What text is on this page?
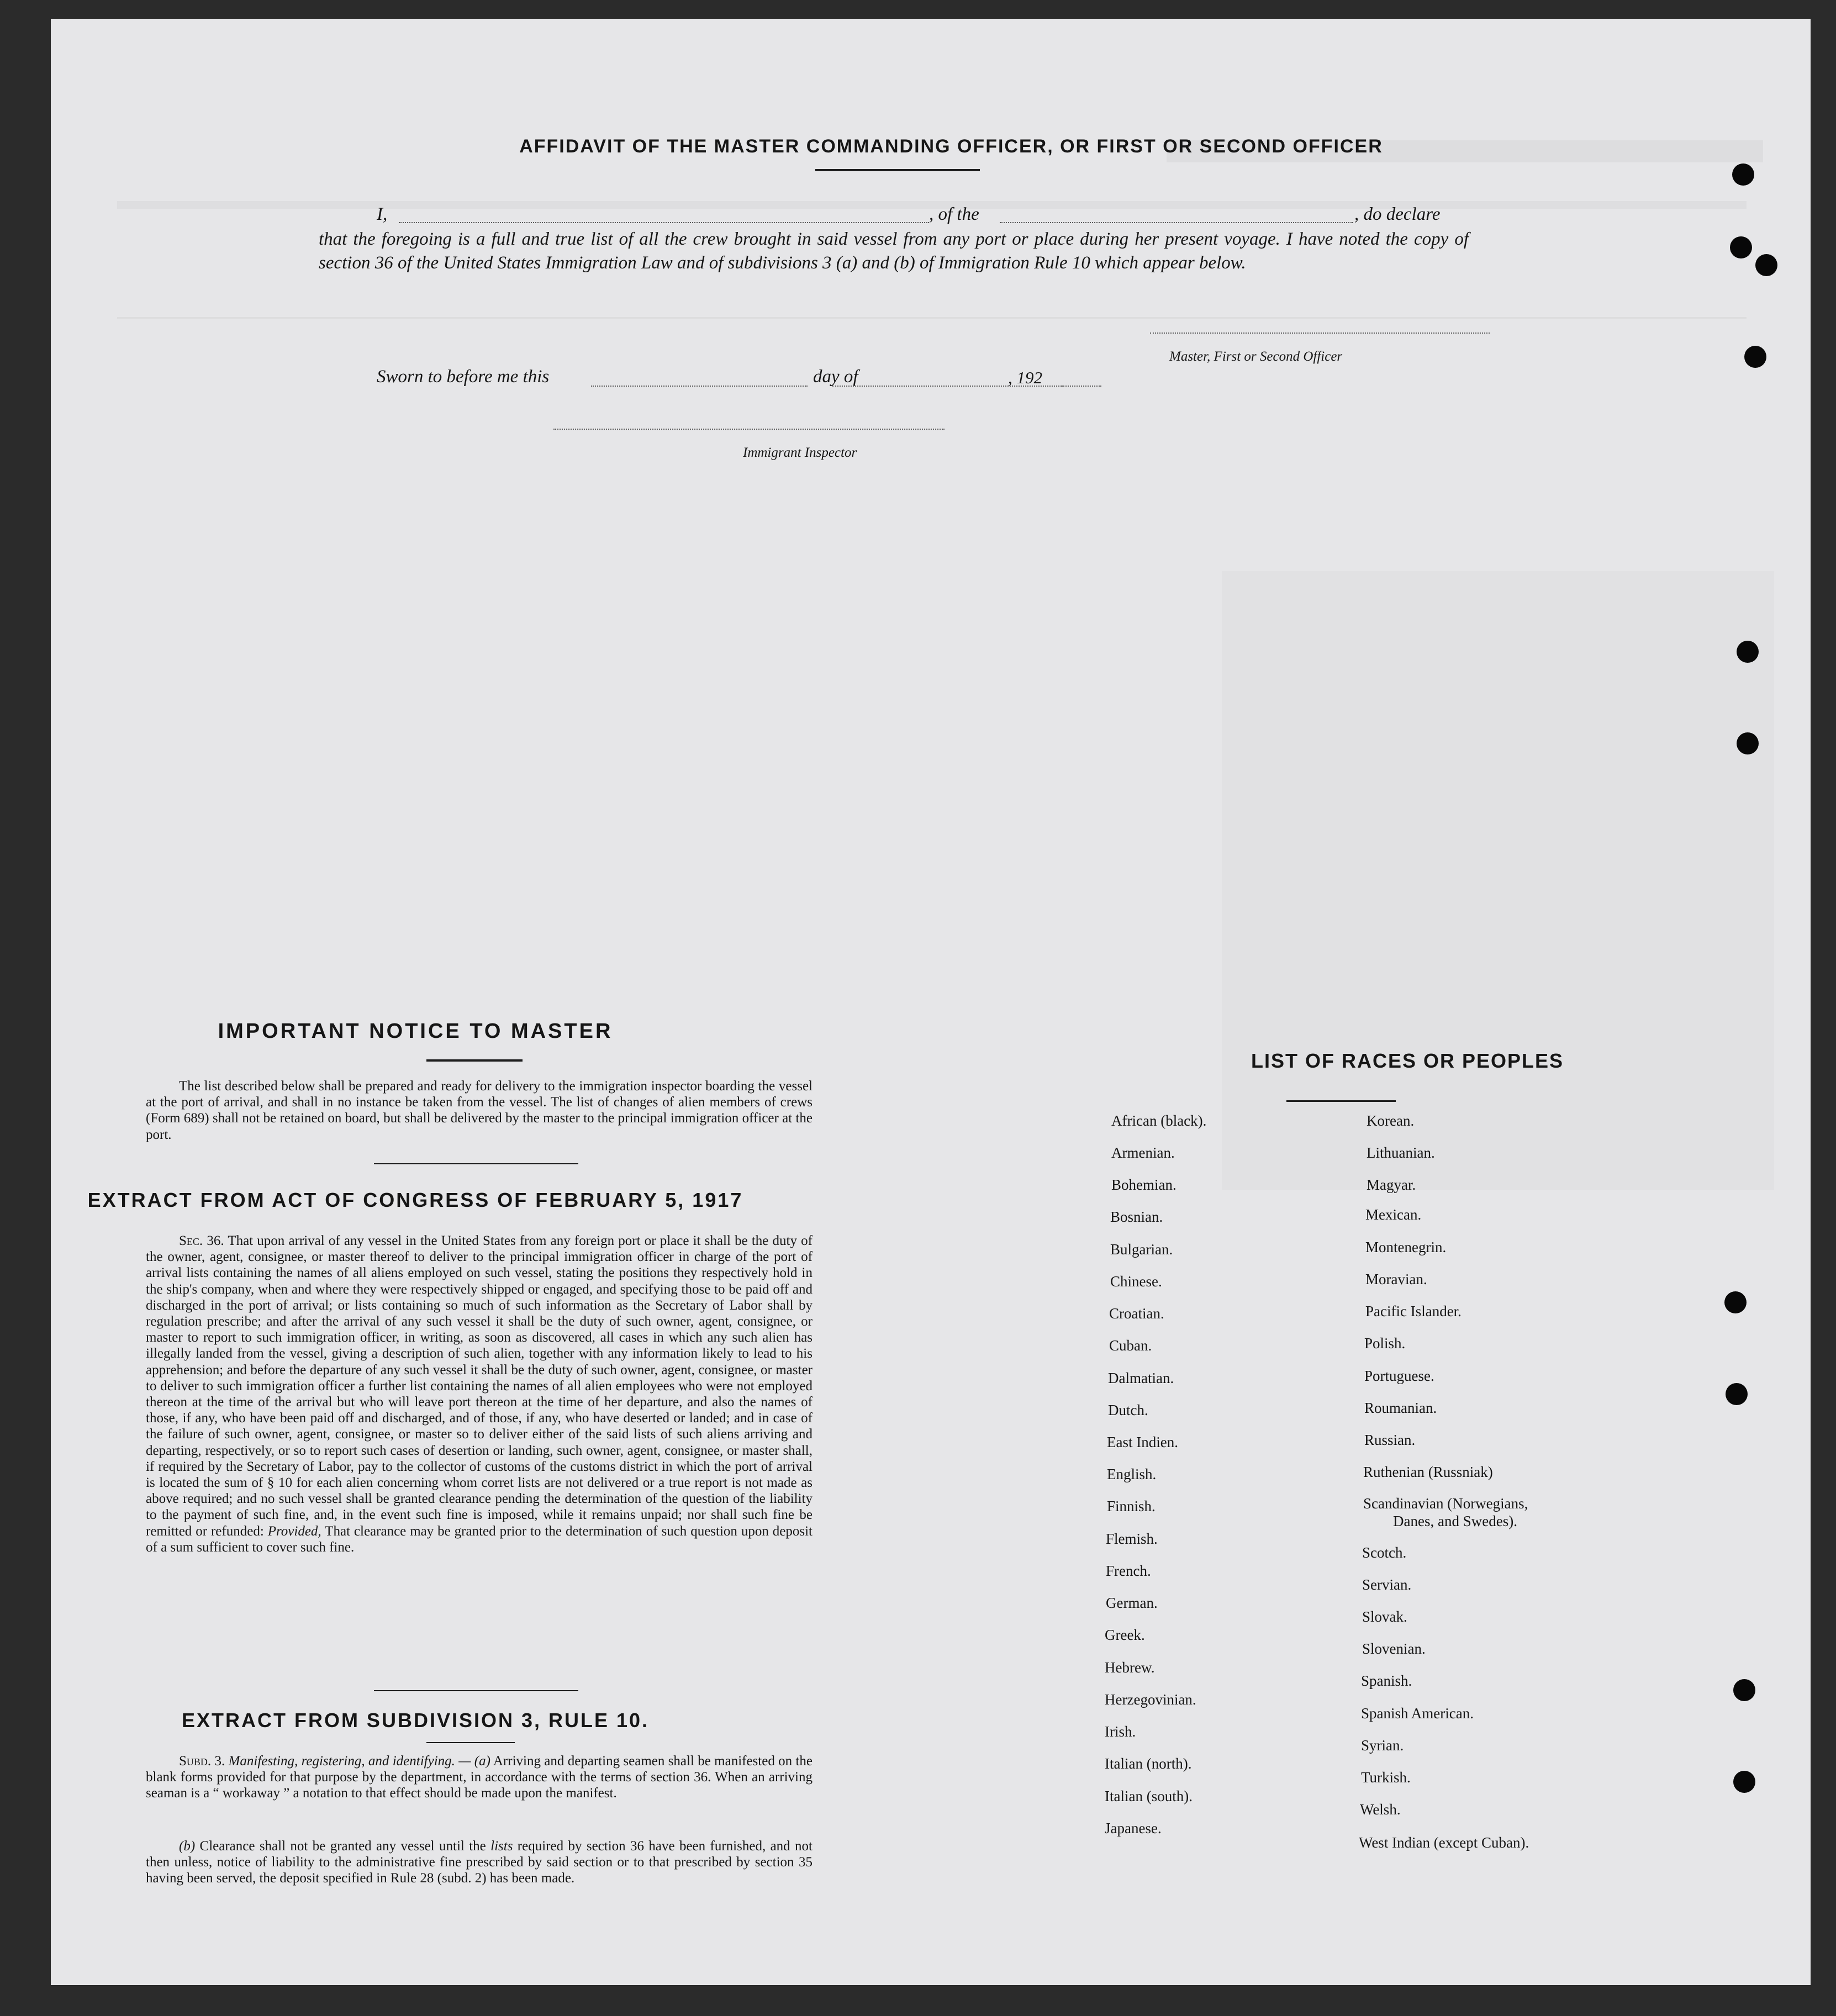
AFFIDAVIT OF THE MASTER COMMANDING OFFICER, OR FIRST OR SECOND OFFICER
I,	, of the	, do declare
that the foregoing is a full and true list of all the crew brought in said vessel from any port or place during her present voyage. I have noted the copy of section 36 of the United States Immigration Law and of subdivisions 3 (a) and (b) of Immigration Rule 10 which appear below.
Master, First or Second Officer
Sworn to before me this	day of	, 192
Immigrant Inspector
IMPORTANT NOTICE TO MASTER
The list described below shall be prepared and ready for delivery to the immigration inspector boarding the vessel at the port of arrival, and shall in no instance be taken from the vessel. The list of changes of alien members of crews (Form 689) shall not be retained on board, but shall be delivered by the master to the principal immigration officer at the port.
EXTRACT FROM ACT OF CONGRESS OF FEBRUARY 5, 1917
Sec. 36. That upon arrival of any vessel in the United States from any foreign port or place it shall be the duty of the owner, agent, consignee, or master thereof to deliver to the principal immigration officer in charge of the port of arrival lists containing the names of all aliens employed on such vessel, stating the positions they respectively hold in the ship's company, when and where they were respectively shipped or engaged, and specifying those to be paid off and discharged in the port of arrival; or lists containing so much of such information as the Secretary of Labor shall by regulation prescribe; and after the arrival of any such vessel it shall be the duty of such owner, agent, consignee, or master to report to such immigration officer, in writing, as soon as discovered, all cases in which any such alien has illegally landed from the vessel, giving a description of such alien, together with any information likely to lead to his apprehension; and before the departure of any such vessel it shall be the duty of such owner, agent, consignee, or master to deliver to such immigration officer a further list containing the names of all alien employees who were not employed thereon at the time of the arrival but who will leave port thereon at the time of her departure, and also the names of those, if any, who have been paid off and discharged, and of those, if any, who have deserted or landed; and in case of the failure of such owner, agent, consignee, or master so to deliver either of the said lists of such aliens arriving and departing, respectively, or so to report such cases of desertion or landing, such owner, agent, consignee, or master shall, if required by the Secretary of Labor, pay to the collector of customs of the customs district in which the port of arrival is located the sum of § 10 for each alien concerning whom corret lists are not delivered or a true report is not made as above required; and no such vessel shall be granted clearance pending the determination of the question of the liability to the payment of such fine, and, in the event such fine is imposed, while it remains unpaid; nor shall such fine be remitted or refunded: Provided, That clearance may be granted prior to the determination of such question upon deposit of a sum sufficient to cover such fine.
EXTRACT FROM SUBDIVISION 3, RULE 10.
Subd. 3. Manifesting, registering, and identifying. — (a) Arriving and departing seamen shall be manifested on the blank forms provided for that purpose by the department, in accordance with the terms of section 36. When an arriving seaman is a “ workaway ” a notation to that effect should be made upon the manifest.
(b) Clearance shall not be granted any vessel until the lists required by section 36 have been furnished, and not then unless, notice of liability to the administrative fine prescribed by said section or to that prescribed by section 35 having been served, the deposit specified in Rule 28 (subd. 2) has been made.
LIST OF RACES OR PEOPLES
African (black).
Armenian.
Bohemian.
Bosnian.
Bulgarian.
Chinese.
Croatian.
Cuban.
Dalmatian.
Dutch.
East Indien.
English.
Finnish.
Flemish.
French.
German.
Greek.
Hebrew.
Herzegovinian.
Irish.
Italian (north).
Italian (south).
Japanese.
Korean.
Lithuanian.
Magyar.
Mexican.
Montenegrin.
Moravian.
Pacific Islander.
Polish.
Portuguese.
Roumanian.
Russian.
Ruthenian (Russniak)
Scandinavian (Norwegians,
Danes, and Swedes).
Scotch.
Servian.
Slovak.
Slovenian.
Spanish.
Spanish American.
Syrian.
Turkish.
Welsh.
West Indian (except Cuban).
